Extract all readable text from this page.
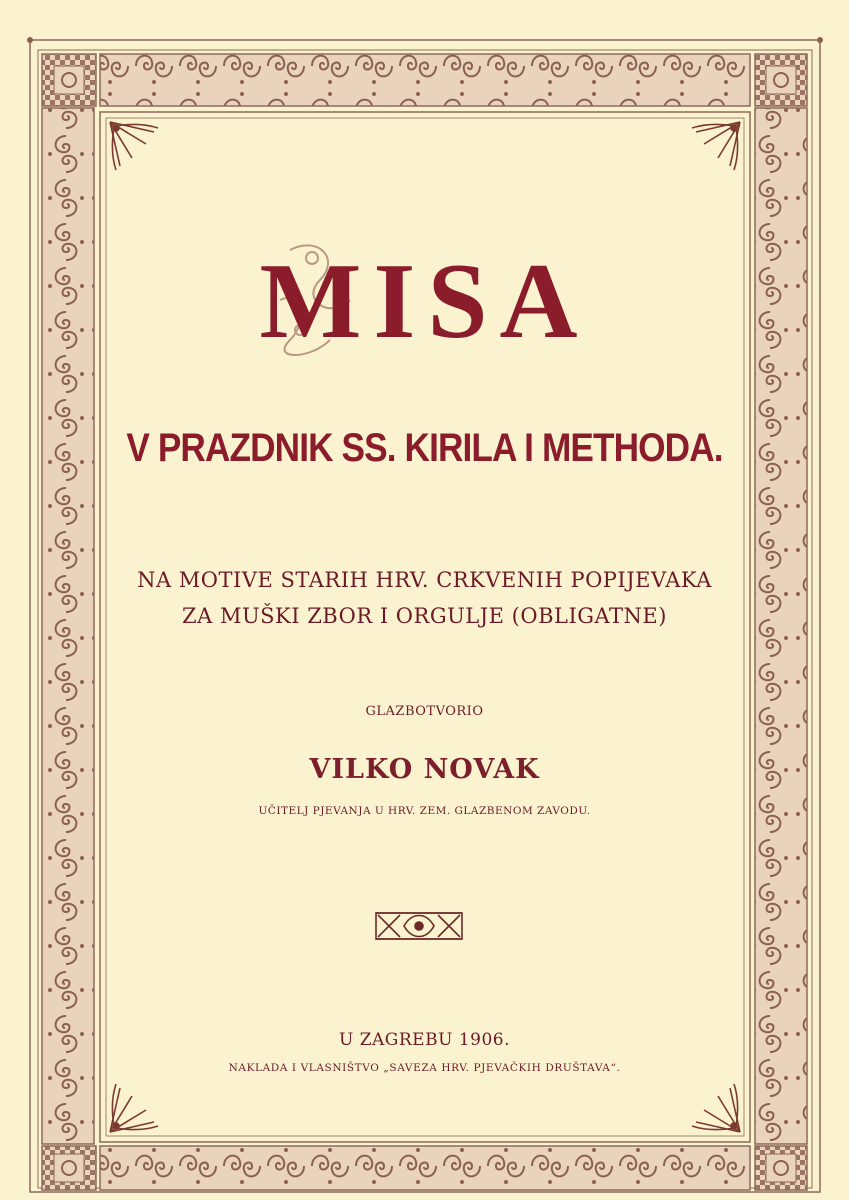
MISA
V PRAZDNIK SS. KIRILA I METHODA.
NA MOTIVE STARIH HRV. CRKVENIH POPIJEVAKA
ZA MUŠKI ZBOR I ORGULJE (OBLIGATNE)
GLAZBOTVORIO
VILKO NOVAK
UČITELJ PJEVANJA U HRV. ZEM. GLAZBENOM ZAVODU.
U ZAGREBU 1906.
NAKLADA I VLASNIŠTVO „SAVEZA HRV. PJEVAČKIH DRUŠTAVA“.
